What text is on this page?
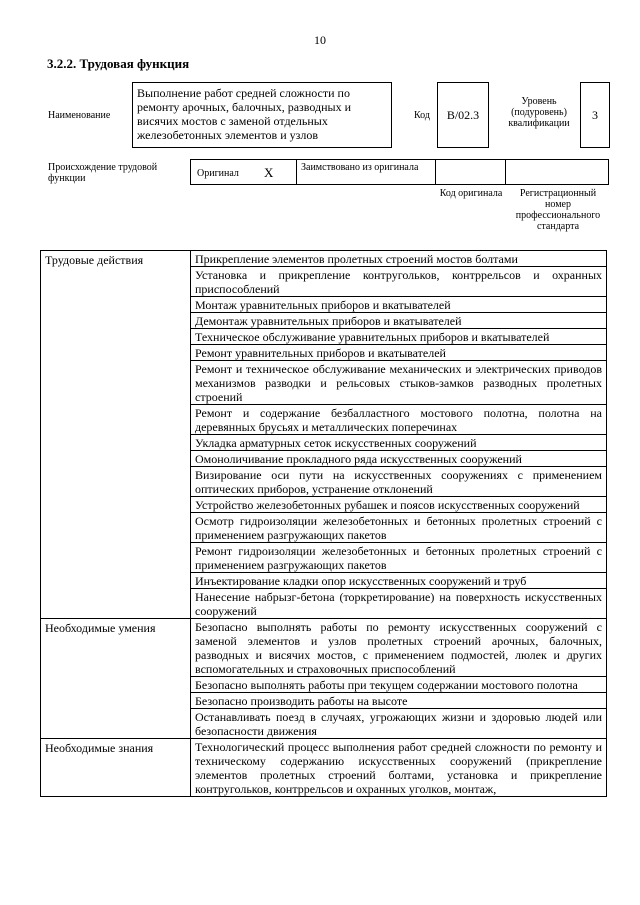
10
3.2.2. Трудовая функция
Наименование
Выполнение работ средней сложности по ремонту арочных, балочных, разводных и висячих мостов с заменой отдельных железобетонных элементов и узлов
Код	В/02.3
Уровень (подуровень) квалификации
3
Происхождение трудовой функции	Оригинал X	Заимствовано из оригинала
Код оригинала	Регистрационный номер профессионального стандарта
Трудовые действия	Прикрепление элементов пролетных строений мостов болтами
	Установка и прикрепление контругольков, контррельсов и охранных приспособлений
	Монтаж уравнительных приборов и вкатывателей
	Демонтаж уравнительных приборов и вкатывателей
	Техническое обслуживание уравнительных приборов и вкатывателей
	Ремонт уравнительных приборов и вкатывателей
	Ремонт и техническое обслуживание механических и электрических приводов механизмов разводки и рельсовых стыков-замков разводных пролетных строений
	Ремонт и содержание безбалластного мостового полотна, полотна на деревянных брусьях и металлических поперечинах
	Укладка арматурных сеток искусственных сооружений
	Омоноличивание прокладного ряда искусственных сооружений
	Визирование оси пути на искусственных сооружениях с применением оптических приборов, устранение отклонений
	Устройство железобетонных рубашек и поясов искусственных сооружений
	Осмотр гидроизоляции железобетонных и бетонных пролетных строений с применением разгружающих пакетов
	Ремонт гидроизоляции железобетонных и бетонных пролетных строений с применением разгружающих пакетов
	Инъектирование кладки опор искусственных сооружений и труб
	Нанесение набрызг-бетона (торкретирование) на поверхность искусственных сооружений
Необходимые умения	Безопасно выполнять работы по ремонту искусственных сооружений с заменой элементов и узлов пролетных строений арочных, балочных, разводных и висячих мостов, с применением подмостей, люлек и других вспомогательных и страховочных приспособлений
	Безопасно выполнять работы при текущем содержании мостового полотна
	Безопасно производить работы на высоте
	Останавливать поезд в случаях, угрожающих жизни и здоровью людей или безопасности движения
Необходимые знания	Технологический процесс выполнения работ средней сложности по ремонту и техническому содержанию искусственных сооружений (прикрепление элементов пролетных строений болтами, установка и прикрепление контругольков, контррельсов и охранных уголков, монтаж,
